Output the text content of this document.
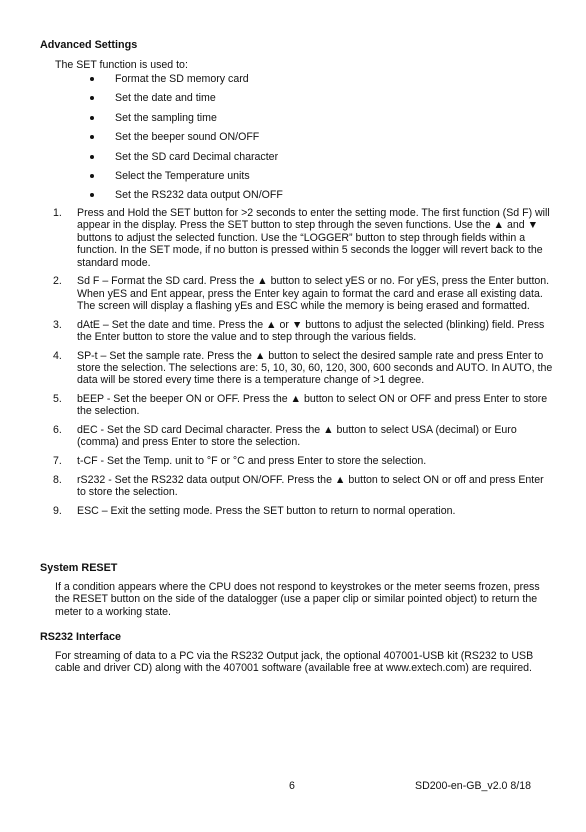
Advanced Settings
The SET function is used to:
Format the SD memory card
Set the date and time
Set the sampling time
Set the beeper sound ON/OFF
Set the SD card Decimal character
Select the Temperature units
Set the RS232 data output ON/OFF
1. Press and Hold the SET button for >2 seconds to enter the setting mode. The first function (Sd F) will appear in the display. Press the SET button to step through the seven functions. Use the ▲ and ▼ buttons to adjust the selected function. Use the “LOGGER” button to step through fields within a function. In the SET mode, if no button is pressed within 5 seconds the logger will revert back to the standard mode.
2. Sd F – Format the SD card. Press the ▲ button to select yES or no. For yES, press the Enter button. When yES and Ent appear, press the Enter key again to format the card and erase all existing data. The screen will display a flashing yEs and ESC while the memory is being erased and formatted.
3. dAtE – Set the date and time. Press the ▲ or ▼ buttons to adjust the selected (blinking) field. Press the Enter button to store the value and to step through the various fields.
4. SP-t – Set the sample rate. Press the ▲ button to select the desired sample rate and press Enter to store the selection. The selections are: 5, 10, 30, 60, 120, 300, 600 seconds and AUTO. In AUTO, the data will be stored every time there is a temperature change of >1 degree.
5. bEEP - Set the beeper ON or OFF. Press the ▲ button to select ON or OFF and press Enter to store the selection.
6. dEC - Set the SD card Decimal character. Press the ▲ button to select USA (decimal) or Euro (comma) and press Enter to store the selection.
7. t-CF - Set the Temp. unit to °F or °C and press Enter to store the selection.
8. rS232 - Set the RS232 data output ON/OFF. Press the ▲ button to select ON or off and press Enter to store the selection.
9. ESC – Exit the setting mode. Press the SET button to return to normal operation.
System RESET
If a condition appears where the CPU does not respond to keystrokes or the meter seems frozen, press the RESET button on the side of the datalogger (use a paper clip or similar pointed object) to return the meter to a working state.
RS232 Interface
For streaming of data to a PC via the RS232 Output jack, the optional 407001-USB kit (RS232 to USB cable and driver CD) along with the 407001 software (available free at www.extech.com) are required.
6	SD200-en-GB_v2.0 8/18
